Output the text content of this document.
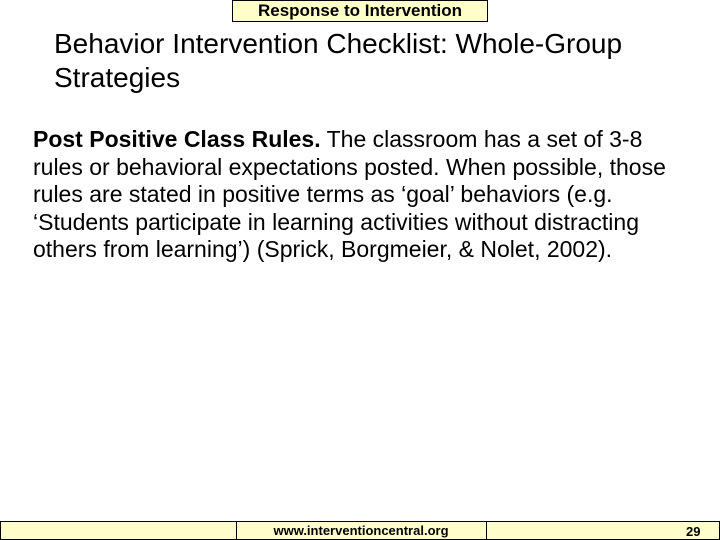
Response to Intervention
Behavior Intervention Checklist: Whole-Group Strategies
Post Positive Class Rules. The classroom has a set of 3-8 rules or behavioral expectations posted. When possible, those rules are stated in positive terms as ‘goal’ behaviors (e.g. ‘Students participate in learning activities without distracting others from learning’) (Sprick, Borgmeier, & Nolet, 2002).
www.interventioncentral.org	29
